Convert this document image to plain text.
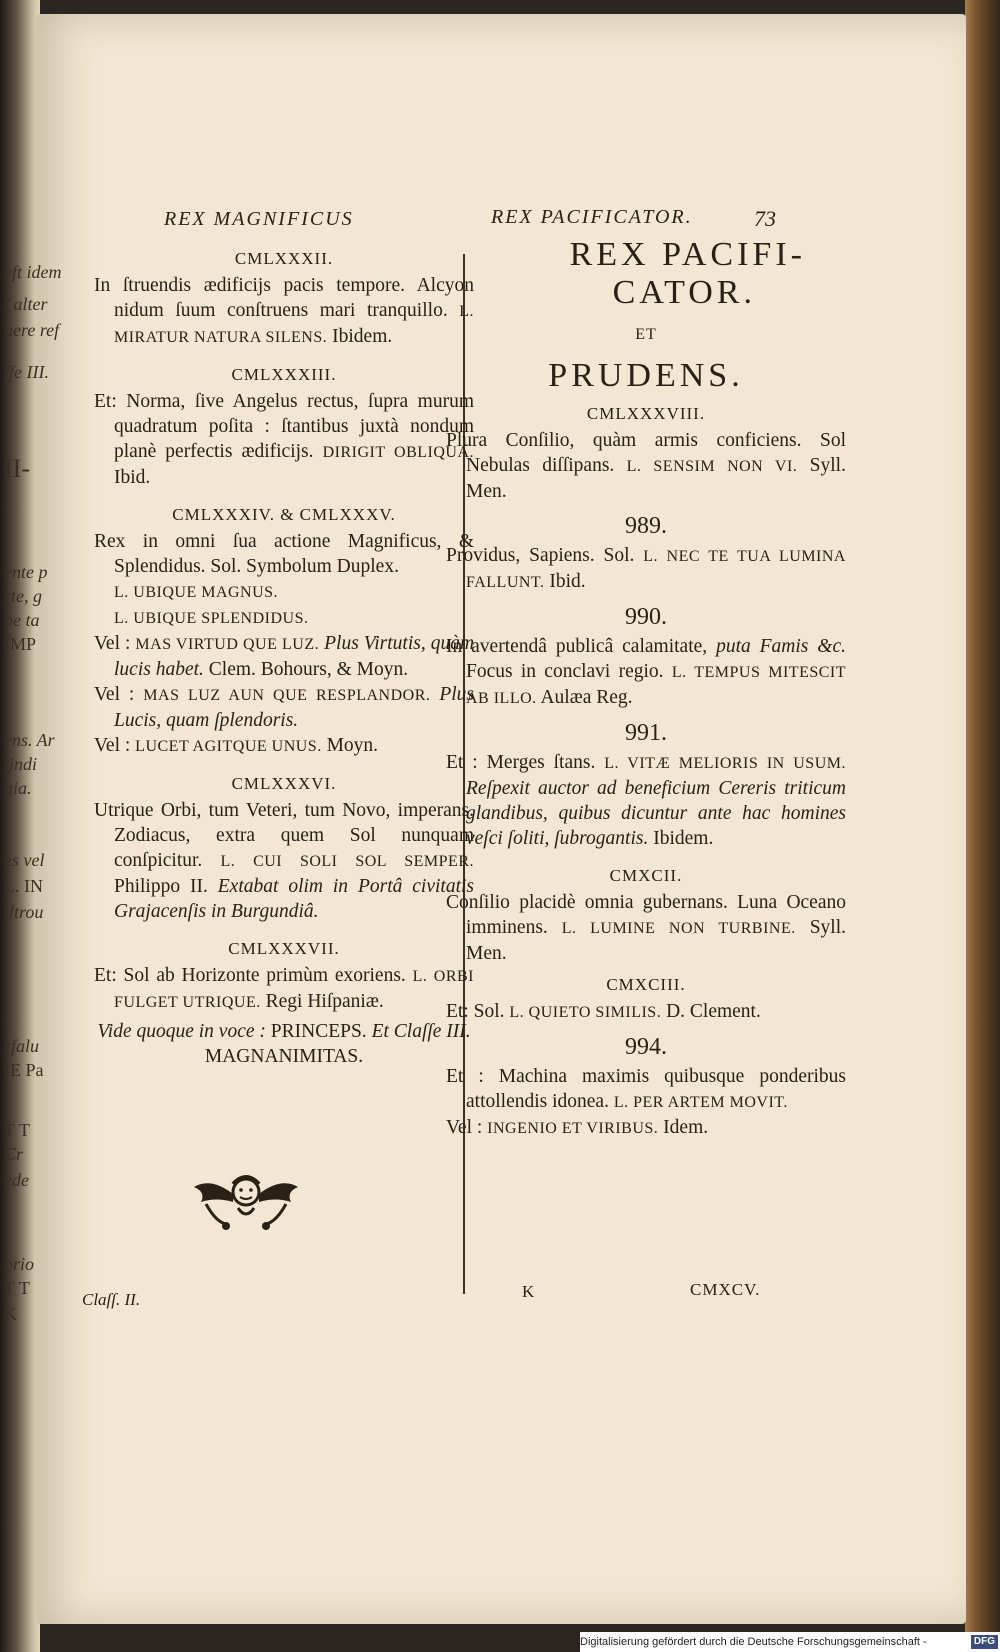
eft idem
t alter
uere ref
ffe III.
II-
ente p
rte, g
be ta
IMP
ens. Ar
tindi
gia.
es vel
L. IN
iltrou
rfalu
IE Pa
T T
Cr
ede
orio
T T
K
REX MAGNIFICUS	REX PACIFICATOR.	73
CMLXXXII.

In ſtruendis ædificijs pacis tempore. Alcyon nidum ſuum conſtruens mari tranquillo. L. MIRATUR NATURA SILENS. Ibidem.

CMLXXXIII.

Et: Norma, ſive Angelus rectus, ſupra murum quadratum poſita : ſtantibus juxtà nondum planè perfectis ædificijs. DIRIGIT OBLIQUA. Ibid.

CMLXXXIV. & CMLXXXV.

Rex in omni ſua actione Magnificus, & Splendidus. Sol. Symbolum Duplex.
L. UBIQUE MAGNUS.
L. UBIQUE SPLENDIDUS.

Vel : MAS VIRTUD QUE LUZ. Plus Virtutis, quàm lucis habet. Clem. Bohours, & Moyn.

Vel : MAS LUZ AUN QUE RESPLANDOR. Plus Lucis, quam ſplendoris.

Vel : LUCET AGITQUE UNUS. Moyn.

CMLXXXVI.

Utrique Orbi, tum Veteri, tum Novo, imperans. Zodiacus, extra quem Sol nunquam conſpicitur. L. CUI SOLI SOL SEMPER. Philippo II. Extabat olim in Portâ civitatis Grajacenſis in Burgundiâ.

CMLXXXVII.

Et: Sol ab Horizonte primùm exoriens. L. ORBI FULGET UTRIQUE. Regi Hiſpaniæ.

Vide quoque in voce : PRINCEPS. Et Claſſe III. MAGNANIMITAS.

REX PACIFI-
CATOR.
ET
PRUDENS.
CMLXXXVIII.

Plura Conſilio, quàm armis conficiens. Sol Nebulas diſſipans. L. SENSIM NON VI. Syll. Men.

989.

Providus, Sapiens. Sol. L. NEC TE TUA LUMINA FALLUNT. Ibid.

990.

In avertendâ publicâ calamitate, puta Famis &c. Focus in conclavi regio. L. TEMPUS MITESCIT AB ILLO. Aulæa Reg.

991.

Et : Merges ſtans. L. VITÆ MELIORIS IN USUM. Reſpexit auctor ad beneficium Cereris triticum glandibus, quibus dicuntur ante hac homines veſci ſoliti, ſubrogantis. Ibidem.

CMXCII.

Conſilio placidè omnia gubernans. Luna Oceano imminens. L. LUMINE NON TURBINE. Syll. Men.

CMXCIII.

Et: Sol. L. QUIETO SIMILIS. D. Clement.

994.

Et : Machina maximis quibusque ponderibus attollendis idonea. L. PER ARTEM MOVIT.

Vel : INGENIO ET VIRIBUS. Idem.

Claſſ. II.	K	CMXCV.
Digitalisierung gefördert durch die Deutsche Forschungsgemeinschaft -	DFG
